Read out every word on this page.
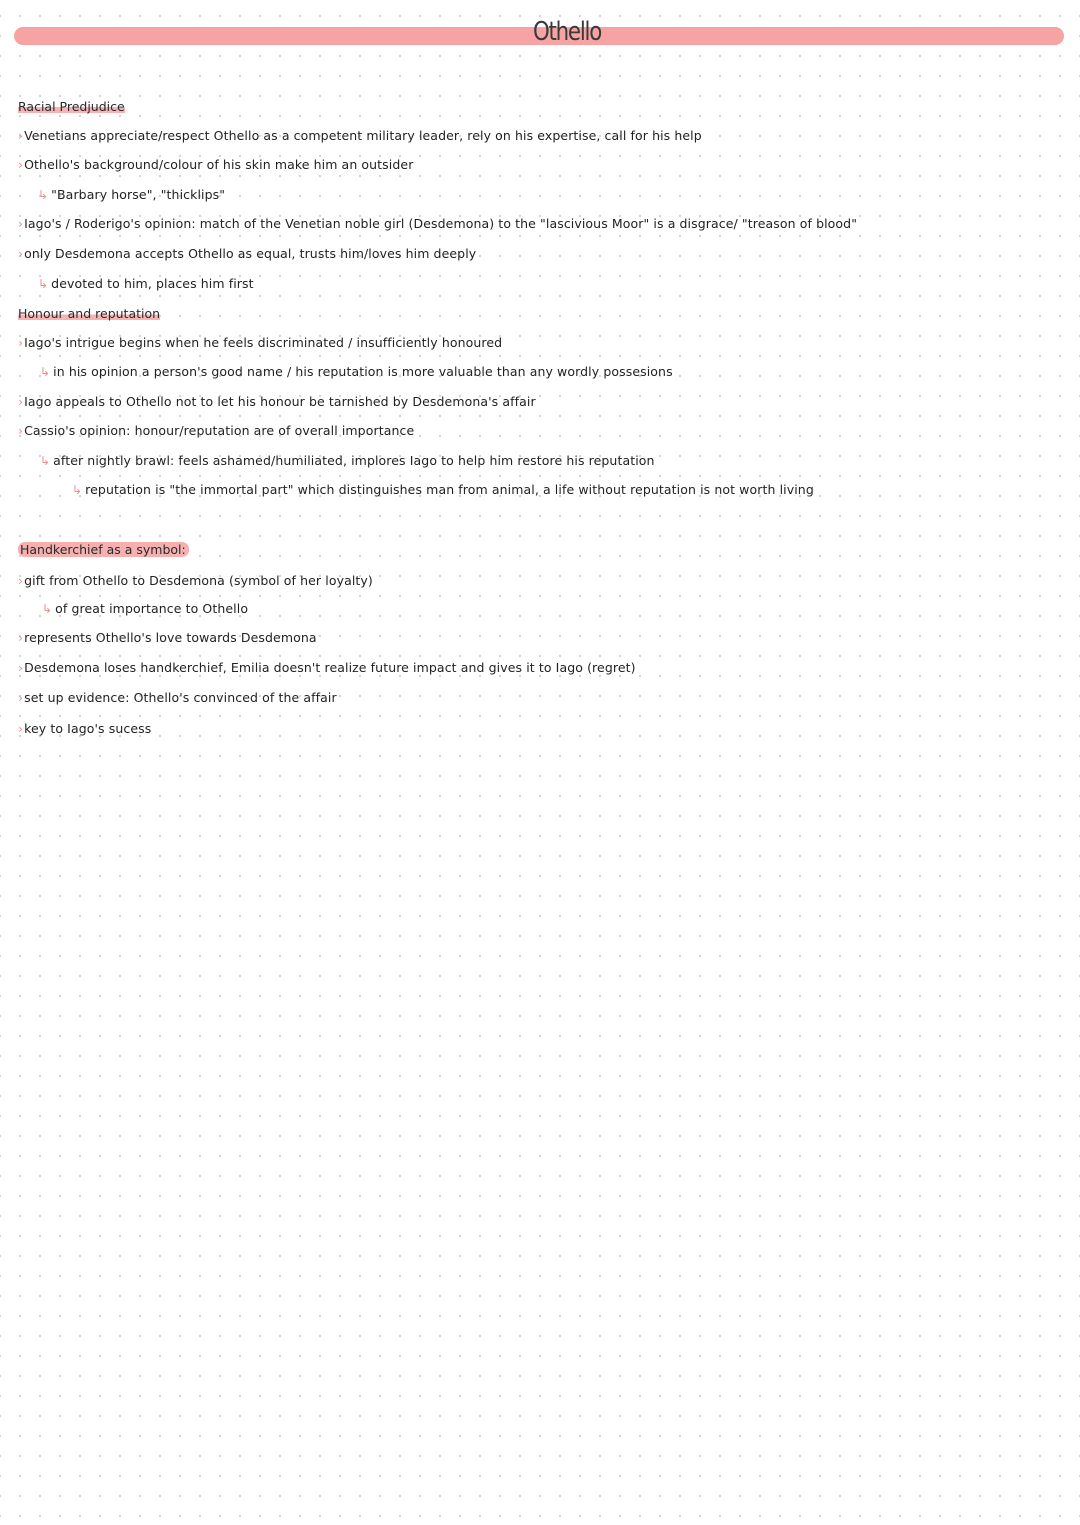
Othello
Racial Predjudice
›Venetians appreciate/respect Othello as a competent military leader, rely on his expertise, call for his help
›Othello's background/colour of his skin make him an outsider
↳ "Barbary horse", "thicklips"
›Iago's / Roderigo's opinion: match of the Venetian noble girl (Desdemona) to the "lascivious Moor" is a disgrace/ "treason of blood"
›only Desdemona accepts Othello as equal, trusts him/loves him deeply
↳ devoted to him, places him first
Honour and reputation
›Iago's intrigue begins when he feels discriminated / insufficiently honoured
↳ in his opinion a person's good name / his reputation is more valuable than any wordly possesions
›Iago appeals to Othello not to let his honour be tarnished by Desdemona's affair
›Cassio's opinion: honour/reputation are of overall importance
↳ after nightly brawl: feels ashamed/humiliated, implores Iago to help him restore his reputation
↳ reputation is "the immortal part" which distinguishes man from animal, a life without reputation is not worth living
Handkerchief as a symbol:
›gift from Othello to Desdemona (symbol of her loyalty)
↳ of great importance to Othello
›represents Othello's love towards Desdemona
›Desdemona loses handkerchief, Emilia doesn't realize future impact and gives it to Iago (regret)
›set up evidence: Othello's convinced of the affair
›key to Iago's sucess
